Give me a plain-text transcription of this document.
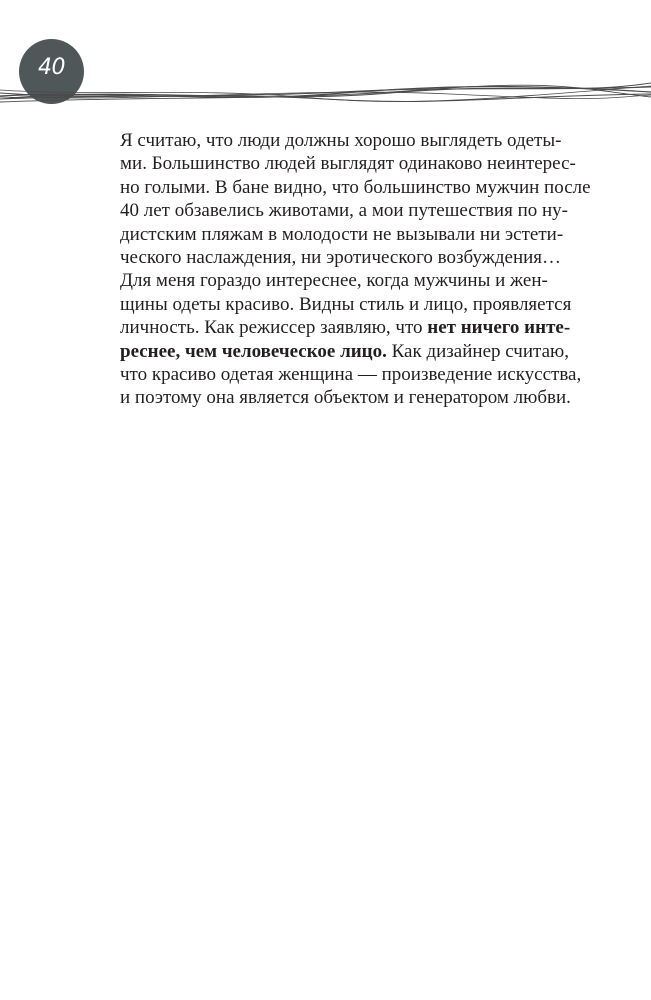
40

Я считаю, что люди должны хорошо выглядеть одеты-
ми. Большинство людей выглядят одинаково неинтерес-
но голыми. В бане видно, что большинство мужчин после
40 лет обзавелись животами, а мои путешествия по ну-
дистским пляжам в молодости не вызывали ни эстети-
ческого наслаждения, ни эротического возбуждения…

Для меня гораздо интереснее, когда мужчины и жен-
щины одеты красиво. Видны стиль и лицо, проявляется
личность. Как режиссер заявляю, что нет ничего инте-
реснее, чем человеческое лицо. Как дизайнер считаю,
что красиво одетая женщина — произведение искусства,
и поэтому она является объектом и генератором любви.
